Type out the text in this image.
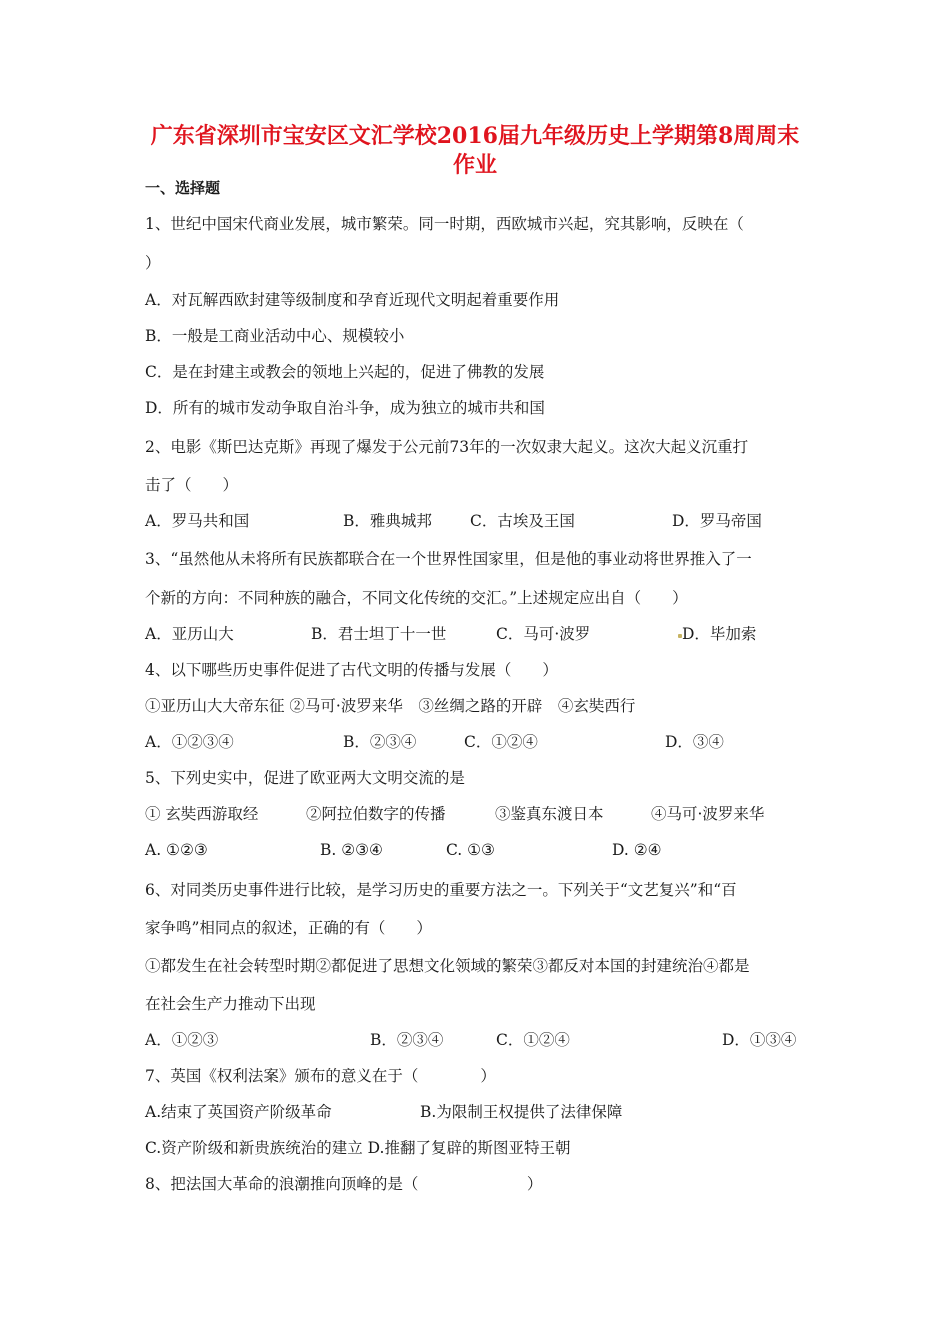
广东省深圳市宝安区文汇学校2016届九年级历史上学期第8周周末
作业
一、选择题
1、世纪中国宋代商业发展，城市繁荣。同一时期，西欧城市兴起，究其影响，反映在（
）
A．对瓦解西欧封建等级制度和孕育近现代文明起着重要作用
B．一般是工商业活动中心、规模较小
C．是在封建主或教会的领地上兴起的，促进了佛教的发展
D．所有的城市发动争取自治斗争，成为独立的城市共和国
2、电影《斯巴达克斯》再现了爆发于公元前73年的一次奴隶大起义。这次大起义沉重打
击了（　　）
A．罗马共和国	B．雅典城邦 C．古埃及王国	D．罗马帝国
3、“虽然他从未将所有民族都联合在一个世界性国家里，但是他的事业动将世界推入了一
个新的方向：不同种族的融合，不同文化传统的交汇。”上述规定应出自（　　）
A．亚历山大	B．君士坦丁十一世	C．马可·波罗	D．毕加索
4、以下哪些历史事件促进了古代文明的传播与发展（　　）
①亚历山大大帝东征 ②马可·波罗来华　③丝绸之路的开辟　④玄奘西行
A．①②③④	B．②③④	C．①②④	D．③④
5、下列史实中，促进了欧亚两大文明交流的是
① 玄奘西游取经	②阿拉伯数字的传播	③鉴真东渡日本	④马可·波罗来华
A. ①②③	B. ②③④	C. ①③	D. ②④
6、对同类历史事件进行比较，是学习历史的重要方法之一。下列关于“文艺复兴”和“百
家争鸣”相同点的叙述，正确的有（　　）
①都发生在社会转型时期②都促进了思想文化领域的繁荣③都反对本国的封建统治④都是
在社会生产力推动下出现
A．①②③	B．②③④	C．①②④	D．①③④
7、英国《权利法案》颁布的意义在于（　　　　）
A.结束了英国资产阶级革命	B.为限制王权提供了法律保障
C.资产阶级和新贵族统治的建立 D.推翻了复辟的斯图亚特王朝
8、把法国大革命的浪潮推向顶峰的是（　　　　　　　）
